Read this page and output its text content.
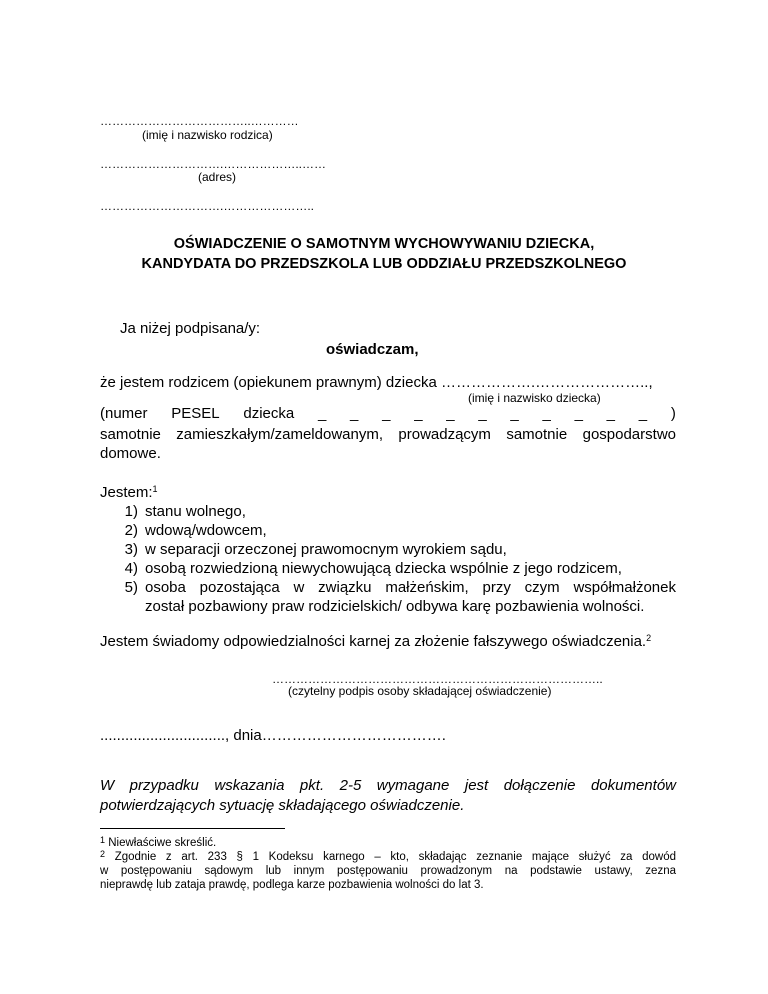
………………………………..…………
(imię i nazwisko rodzica)
………………………….………………..……
(adres)
………………………….…………………..
OŚWIADCZENIE O SAMOTNYM WYCHOWYWANIU DZIECKA,
KANDYDATA DO PRZEDSZKOLA LUB ODDZIAŁU PRZEDSZKOLNEGO
Ja niżej podpisana/y:
oświadczam,
że jestem rodzicem (opiekunem prawnym) dziecka ……………….…………………..,
(imię i nazwisko dziecka)
(numer PESEL dziecka _ _ _ _ _ _ _ _ _ _ _ )
samotnie zamieszkałym/zameldowanym, prowadzącym samotnie gospodarstwo
domowe.
Jestem:$^1$
1) stanu wolnego,
2) wdową/wdowcem,
3) w separacji orzeczonej prawomocnym wyrokiem sądu,
4) osobą rozwiedzioną niewychowującą dziecka wspólnie z jego rodzicem,
5) osoba pozostająca w związku małżeńskim, przy czym współmałżonek
został pozbawiony praw rodzicielskich/ odbywa karę pozbawienia wolności.
Jestem świadomy odpowiedzialności karnej za złożenie fałszywego oświadczenia.$^2$
………………………………………………………………………..
(czytelny podpis osoby składającej oświadczenie)
.............................., dnia……………………………….
W przypadku wskazania pkt. 2-5 wymagane jest dołączenie dokumentów
potwierdzających sytuację składającego oświadczenie.
$^1$ Niewłaściwe skreślić.
$^2$ Zgodnie z art. 233 § 1 Kodeksu karnego – kto, składając zeznanie mające służyć za dowód
w postępowaniu sądowym lub innym postępowaniu prowadzonym na podstawie ustawy, zezna
nieprawdę lub zataja prawdę, podlega karze pozbawienia wolności do lat 3.
